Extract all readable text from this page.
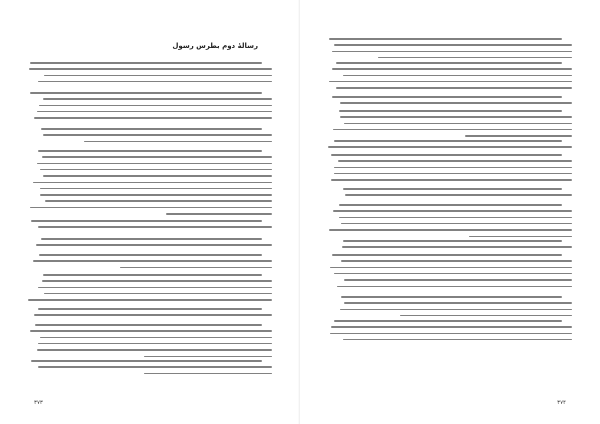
رسالهٔ دوم بطرس رسول
۳۷۳	۳۷۴
